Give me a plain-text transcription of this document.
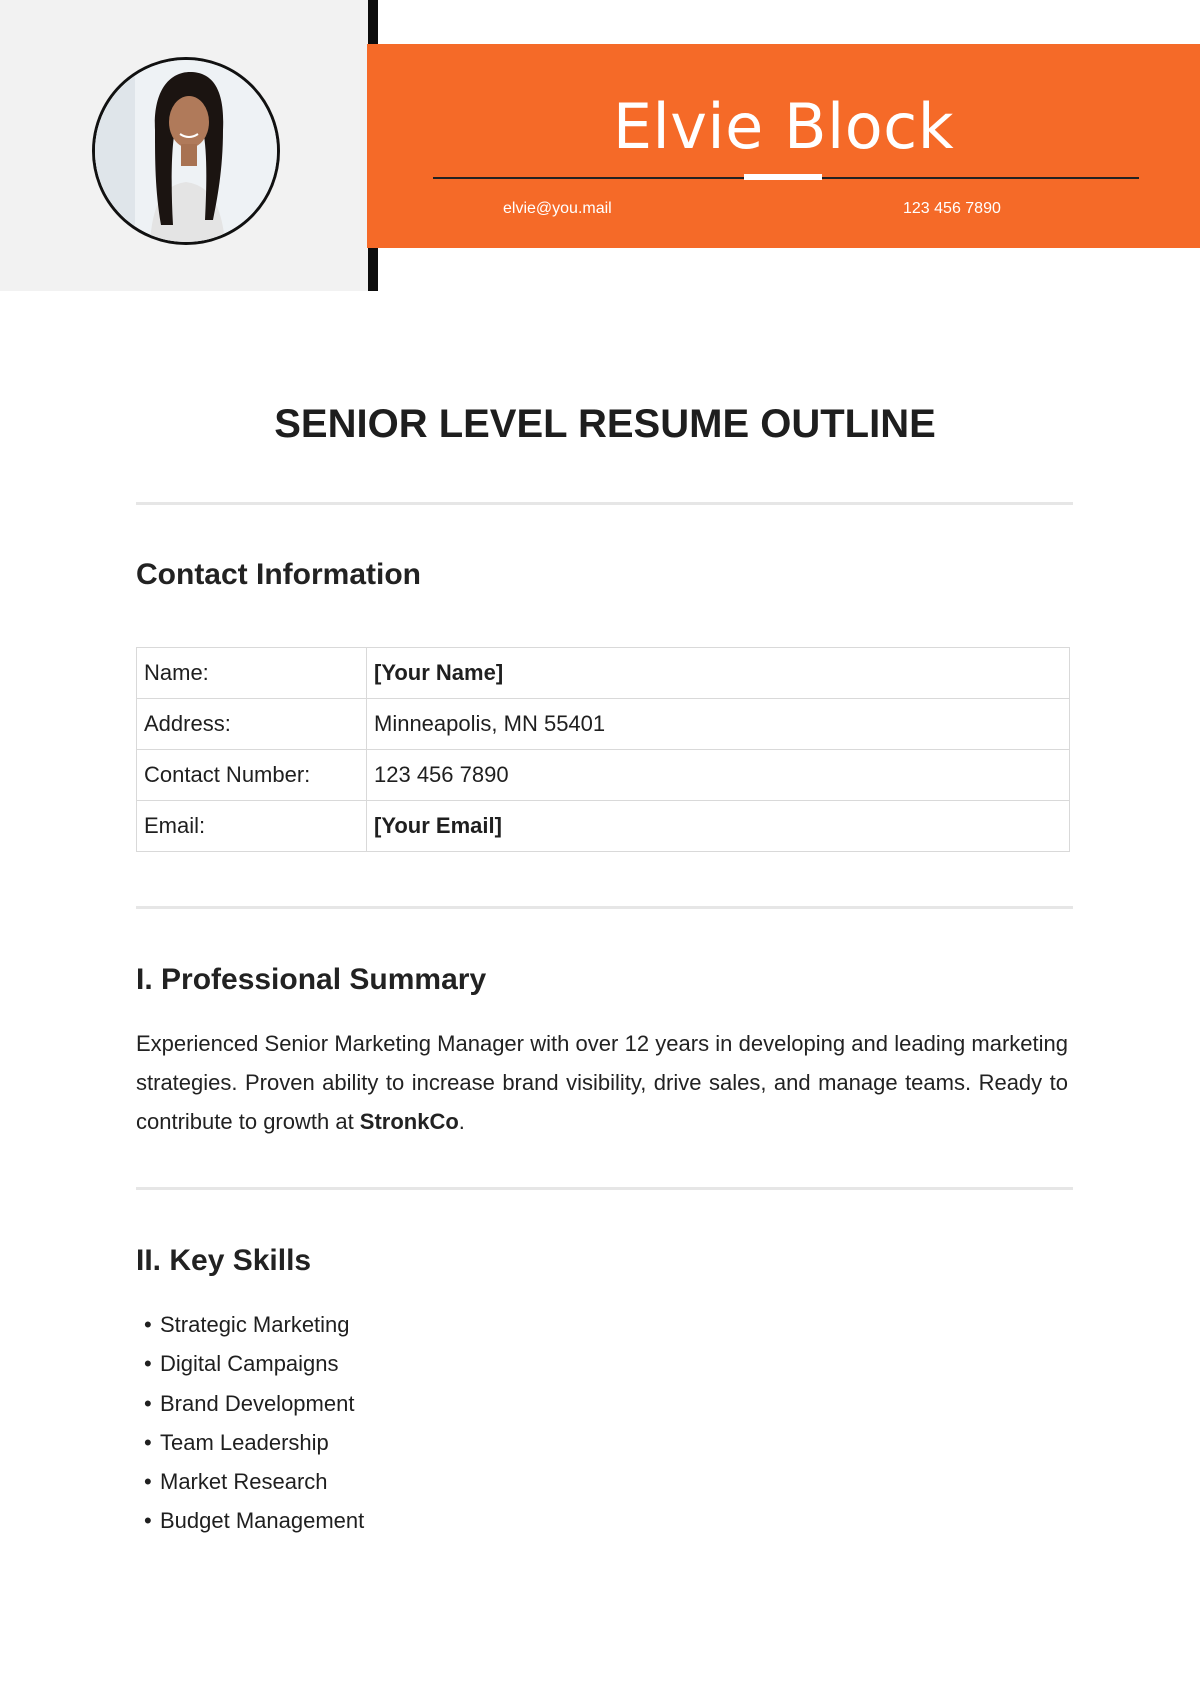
Elvie Block
elvie@you.mail	123 456 7890
SENIOR LEVEL RESUME OUTLINE
Contact Information
Name:	[Your Name]
Address:	Minneapolis, MN 55401
Contact Number:	123 456 7890
Email:	[Your Email]
I. Professional Summary
Experienced Senior Marketing Manager with over 12 years in developing and leading marketing strategies. Proven ability to increase brand visibility, drive sales, and manage teams. Ready to contribute to growth at StronkCo.
II. Key Skills
• Strategic Marketing
• Digital Campaigns
• Brand Development
• Team Leadership
• Market Research
• Budget Management
